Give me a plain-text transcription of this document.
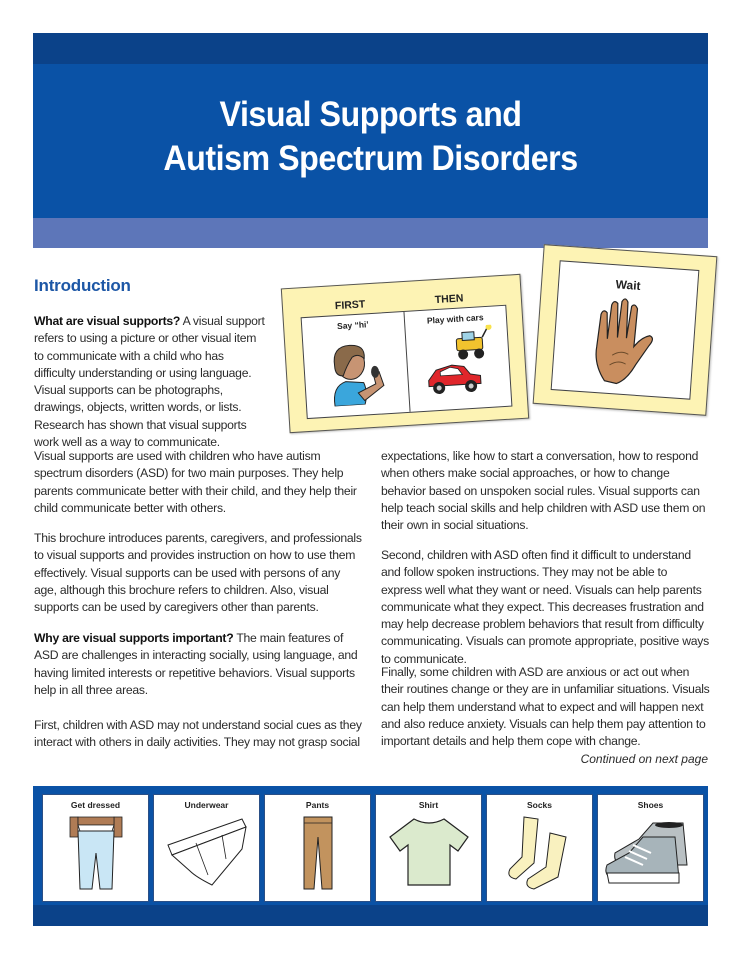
Visual Supports and
Autism Spectrum Disorders
Introduction

What are visual supports? A visual support refers to using a picture or other visual item to communicate with a child who has difficulty understanding or using language. Visual supports can be photographs, drawings, objects, written words, or lists. Research has shown that visual supports work well as a way to communicate.

FIRST	THEN
Say “hi’	Play with cars
Wait

Visual supports are used with children who have autism spectrum disorders (ASD) for two main purposes. They help parents communicate better with their child, and they help their child communicate better with others.

This brochure introduces parents, caregivers, and professionals to visual supports and provides instruction on how to use them effectively. Visual supports can be used with persons of any age, although this brochure refers to children. Also, visual supports can be used by caregivers other than parents.

Why are visual supports important? The main features of ASD are challenges in interacting socially, using language, and having limited interests or repetitive behaviors. Visual supports help in all three areas.

First, children with ASD may not understand social cues as they interact with others in daily activities. They may not grasp social

expectations, like how to start a conversation, how to respond when others make social approaches, or how to change behavior based on unspoken social rules. Visual supports can help teach social skills and help children with ASD use them on their own in social situations.

Second, children with ASD often find it difficult to understand and follow spoken instructions. They may not be able to express well what they want or need. Visuals can help parents communicate what they expect. This decreases frustration and may help decrease problem behaviors that result from difficulty communicating. Visuals can promote appropriate, positive ways to communicate.

Finally, some children with ASD are anxious or act out when their routines change or they are in unfamiliar situations. Visuals can help them understand what to expect and will happen next and also reduce anxiety. Visuals can help them pay attention to important details and help them cope with change.

Continued on next page
Get dressed	Underwear	Pants	Shirt	Socks	Shoes
